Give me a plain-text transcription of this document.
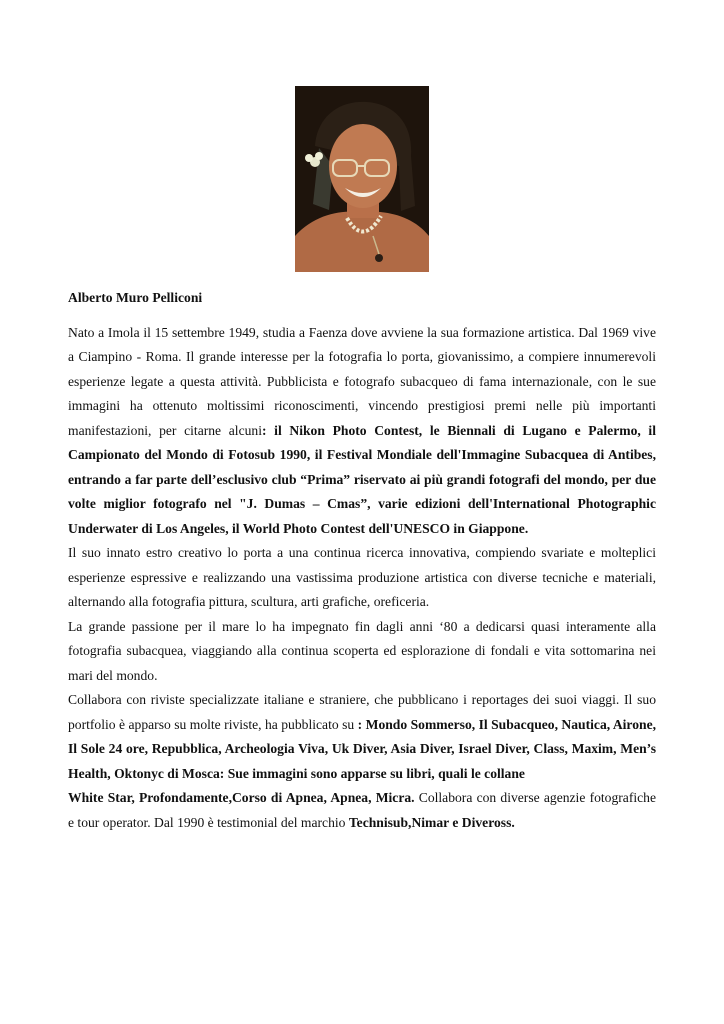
Alberto Muro Pelliconi

Nato a Imola il 15 settembre 1949, studia a Faenza dove avviene la sua formazione artistica. Dal 1969 vive a Ciampino - Roma. Il grande interesse per la fotografia lo porta, giovanissimo, a compiere innumerevoli esperienze legate a questa attività. Pubblicista e fotografo subacqueo di fama internazionale, con le sue immagini ha ottenuto moltissimi riconoscimenti, vincendo prestigiosi premi nelle più importanti manifestazioni, per citarne alcuni: il Nikon Photo Contest, le Biennali di Lugano e Palermo, il Campionato del Mondo di Fotosub 1990, il Festival Mondiale dell'Immagine Subacquea di Antibes, entrando a far parte dell’esclusivo club “Prima” riservato ai più grandi fotografi del mondo, per due volte miglior fotografo nel "J. Dumas – Cmas”, varie edizioni dell'International Photographic Underwater di Los Angeles, il World Photo Contest dell'UNESCO in Giappone.

Il suo innato estro creativo lo porta a una continua ricerca innovativa, compiendo svariate e molteplici esperienze espressive e realizzando una vastissima produzione artistica con diverse tecniche e materiali, alternando alla fotografia pittura, scultura, arti grafiche, oreficeria.

La grande passione per il mare lo ha impegnato fin dagli anni ‘80 a dedicarsi quasi interamente alla fotografia subacquea, viaggiando alla continua scoperta ed esplorazione di fondali e vita sottomarina nei mari del mondo.

Collabora con riviste specializzate italiane e straniere, che pubblicano i reportages dei suoi viaggi. Il suo portfolio è apparso su molte riviste, ha pubblicato su : Mondo Sommerso, Il Subacqueo, Nautica, Airone, Il Sole 24 ore, Repubblica, Archeologia Viva, Uk Diver, Asia Diver, Israel Diver, Class, Maxim, Men’s Health, Oktonyc di Mosca: Sue immagini sono apparse su libri, quali le collane

White Star, Profondamente,Corso di Apnea, Apnea, Micra. Collabora con diverse agenzie fotografiche e tour operator. Dal 1990 è testimonial del marchio Technisub,Nimar e Diveross.
